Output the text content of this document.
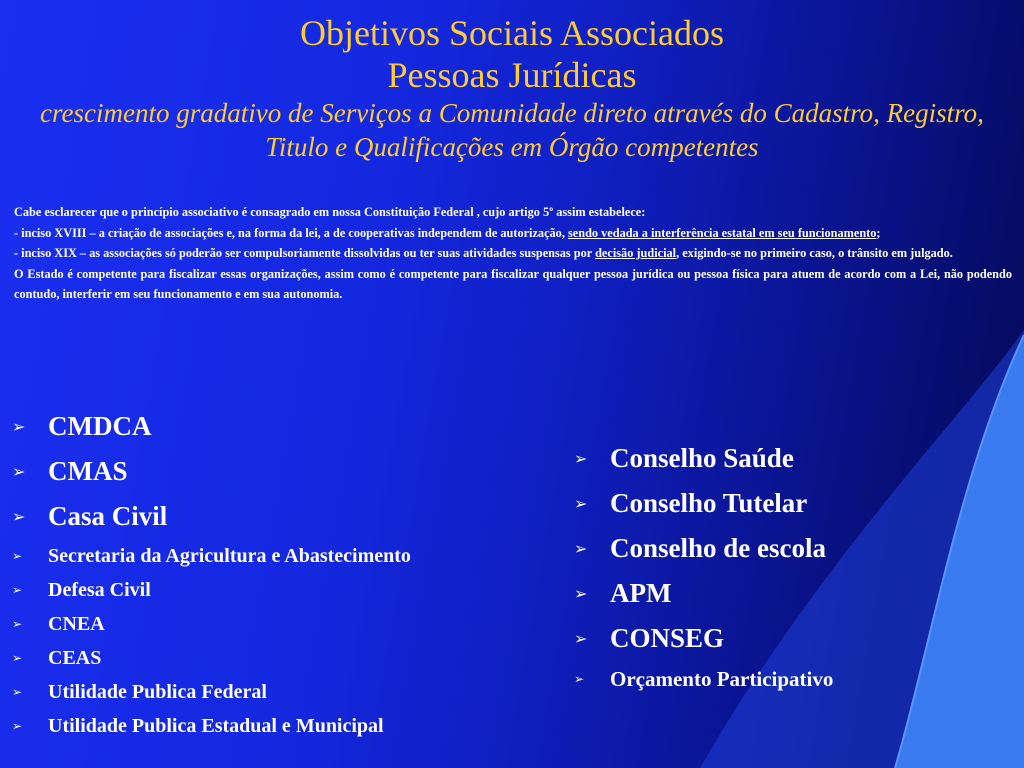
Objetivos Sociais Associados
Pessoas Jurídicas
crescimento gradativo de Serviços a Comunidade direto através do Cadastro, Registro, Titulo e Qualificações em Órgão competentes

Cabe esclarecer que o princípio associativo é consagrado em nossa Constituição Federal , cujo artigo 5º assim estabelece:

- inciso XVIII – a criação de associações e, na forma da lei, a de cooperativas independem de autorização, sendo vedada a interferência estatal em seu funcionamento;

- inciso XIX – as associações só poderão ser compulsoriamente dissolvidas ou ter suas atividades suspensas por decisão judicial, exigindo-se no primeiro caso, o trânsito em julgado.

O Estado é competente para fiscalizar essas organizações, assim como é competente para fiscalizar qualquer pessoa jurídica ou pessoa física para atuem de acordo com a Lei, não podendo contudo, interferir em seu funcionamento e em sua autonomia.

➢ CMDCA
➢ CMAS
➢ Casa Civil
➢	Secretaria da Agricultura e Abastecimento
➢	Defesa Civil
➢	CNEA
➢	CEAS
➢	Utilidade Publica Federal
➢	Utilidade Publica Estadual e Municipal
➢ Conselho Saúde
➢ Conselho Tutelar
➢ Conselho de escola
➢ APM
➢ CONSEG
➢	Orçamento Participativo
